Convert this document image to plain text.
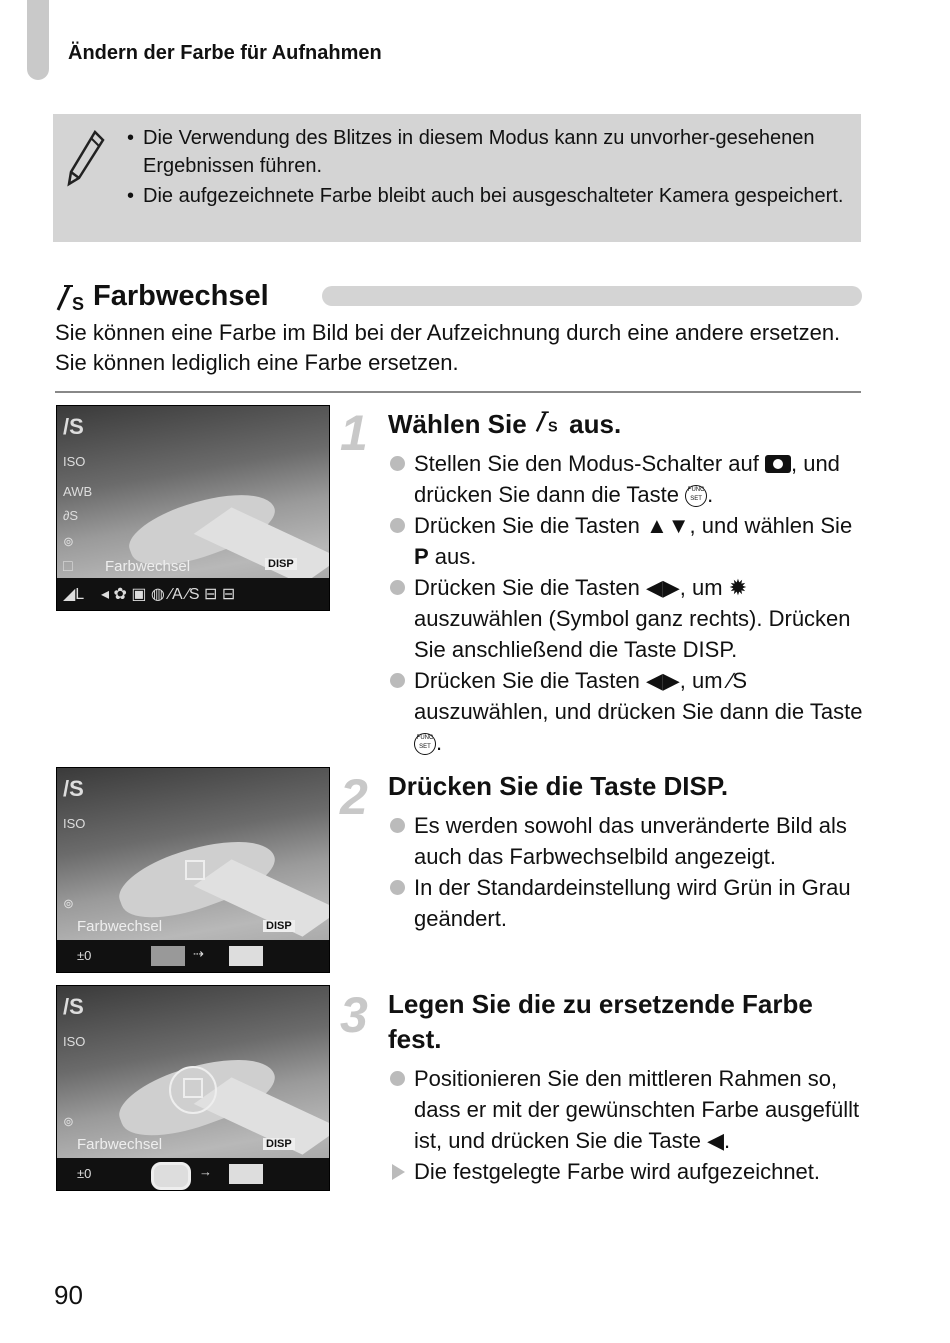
Ändern der Farbe für Aufnahmen
• Die Verwendung des Blitzes in diesem Modus kann zu unvorher-gesehenen Ergebnissen führen.
• Die aufgezeichnete Farbe bleibt auch bei ausgeschalteter Kamera gespeichert.
S Farbwechsel
Sie können eine Farbe im Bild bei der Aufzeichnung durch eine andere ersetzen. Sie können lediglich eine Farbe ersetzen.
/S
ISO
AWB
∂S
⊚
□ Farbwechsel	DISP
◢L ◂ ✿ ▣ ◍ ∕A ∕S ⊟ ⊟
1 Wählen Sie S aus.
Stellen Sie den Modus-Schalter auf , und drücken Sie dann die Taste FUNC SET .
Drücken Sie die Tasten ▲▼, und wählen Sie P aus.
Drücken Sie die Tasten ◀▶, um ✹ auszuwählen (Symbol ganz rechts). Drücken Sie anschließend die Taste DISP.
Drücken Sie die Tasten ◀▶, um ∕S auszuwählen, und drücken Sie dann die Taste FUNC SET .
/S
ISO
⊚
Farbwechsel	DISP
±0	⇢
2 Drücken Sie die Taste DISP.
Es werden sowohl das unveränderte Bild als auch das Farbwechselbild angezeigt.
In der Standardeinstellung wird Grün in Grau geändert.
/S
ISO
⊚
Farbwechsel	DISP
±0	→
3 Legen Sie die zu ersetzende Farbe fest.
Positionieren Sie den mittleren Rahmen so, dass er mit der gewünschten Farbe ausgefüllt ist, und drücken Sie die Taste ◀.
Die festgelegte Farbe wird aufgezeichnet.
90
